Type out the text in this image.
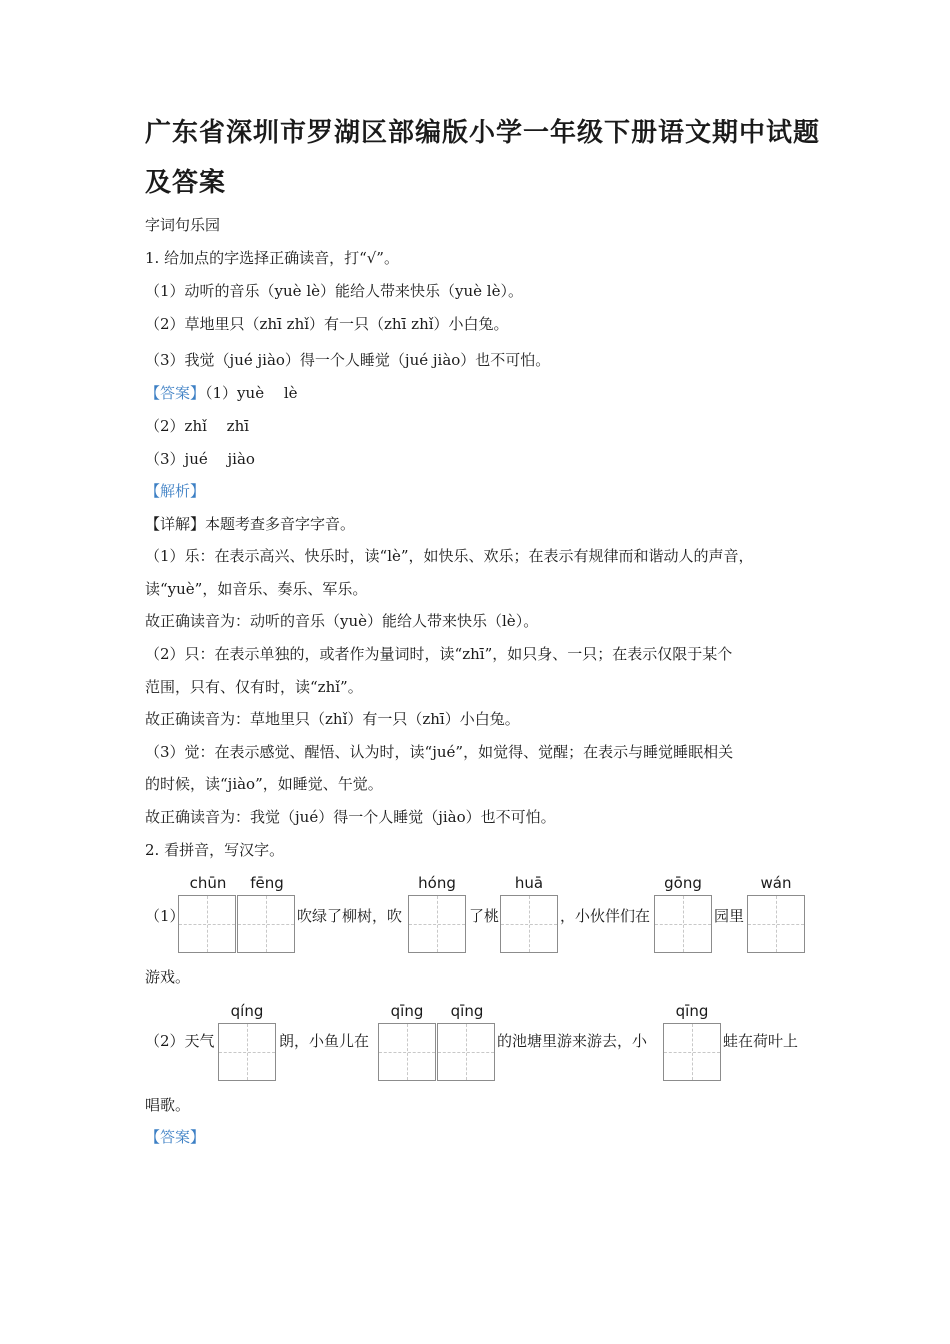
广东省深圳市罗湖区部编版小学一年级下册语文期中试题
及答案
字词句乐园
1. 给加点的字选择正确读音，打“√”。
（1）动听的音乐（yuè lè）能给人带来快乐（yuè lè）。
（2）草地里只（zhī zhǐ）有一只（zhī zhǐ）小白兔。
（3）我觉（jué jiào）得一个人睡觉（jué jiào）也不可怕。
【答案】（1）yuè　 lè
（2）zhǐ　 zhī
（3）jué　 jiào
【解析】
【详解】本题考查多音字字音。
（1）乐：在表示高兴、快乐时，读“lè”，如快乐、欢乐；在表示有规律而和谐动人的声音，
读“yuè”，如音乐、奏乐、军乐。
故正确读音为：动听的音乐（yuè）能给人带来快乐（lè）。
（2）只：在表示单独的，或者作为量词时，读“zhī”，如只身、一只；在表示仅限于某个
范围，只有、仅有时，读“zhǐ”。
故正确读音为：草地里只（zhǐ）有一只（zhī）小白兔。
（3）觉：在表示感觉、醒悟、认为时，读“jué”，如觉得、觉醒；在表示与睡觉睡眠相关
的时候，读“jiào”，如睡觉、午觉。
故正确读音为：我觉（jué）得一个人睡觉（jiào）也不可怕。
2. 看拼音，写汉字。
chūn	fēng	hóng	huā	gōng	wán
（1）	吹绿了柳树，吹	了桃	，小伙伴们在	园里
游戏。
qíng	qīng	qīng	qīng
（2）天气	朗，小鱼儿在	的池塘里游来游去，小	蛙在荷叶上
唱歌。
【答案】
